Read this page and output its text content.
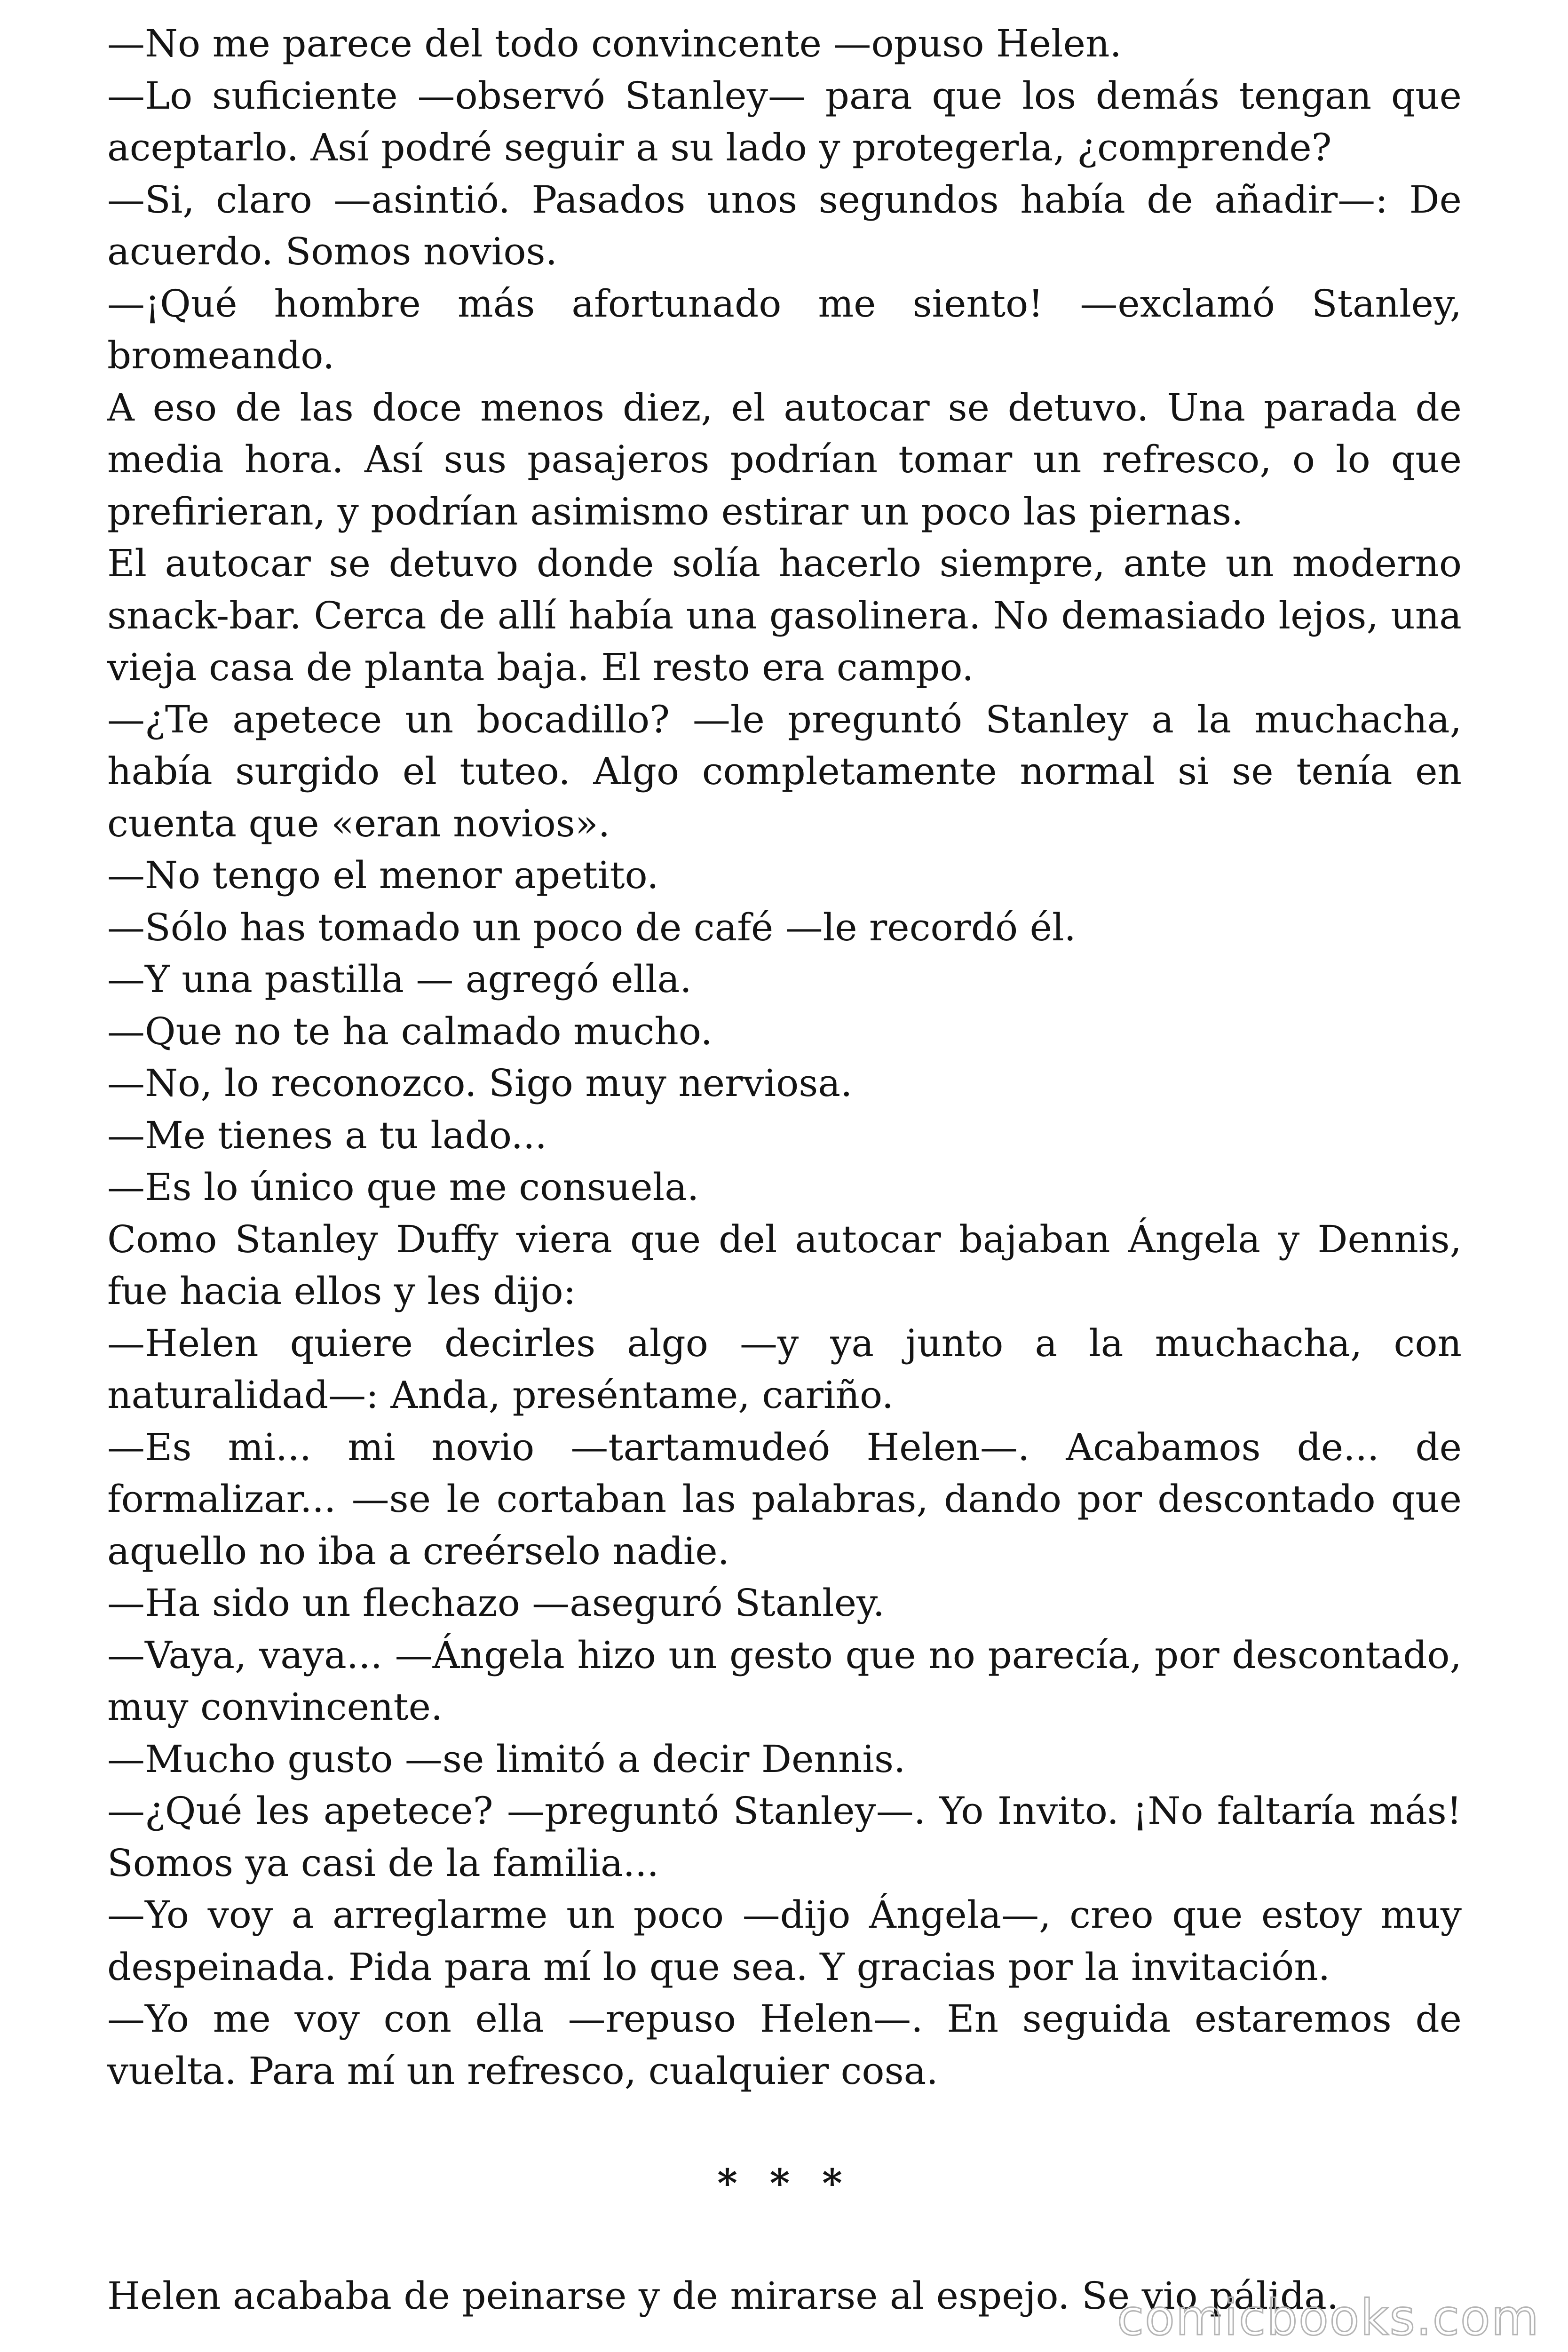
—No me parece del todo convincente —opuso Helen.

—Lo suficiente —observó Stanley— para que los demás tengan que aceptarlo. Así podré seguir a su lado y protegerla, ¿comprende?

—Si, claro —asintió. Pasados unos segundos había de añadir—: De acuerdo. Somos novios.

—¡Qué hombre más afortunado me siento! —exclamó Stanley, bromeando.

A eso de las doce menos diez, el autocar se detuvo. Una parada de media hora. Así sus pasajeros podrían tomar un refresco, o lo que prefirieran, y podrían asimismo estirar un poco las piernas.

El autocar se detuvo donde solía hacerlo siempre, ante un moderno snack-bar. Cerca de allí había una gasolinera. No demasiado lejos, una vieja casa de planta baja. El resto era campo.

—¿Te apetece un bocadillo? —le preguntó Stanley a la muchacha, había surgido el tuteo. Algo completamente normal si se tenía en cuenta que «eran novios».

—No tengo el menor apetito.

—Sólo has tomado un poco de café —le recordó él.

—Y una pastilla — agregó ella.

—Que no te ha calmado mucho.

—No, lo reconozco. Sigo muy nerviosa.

—Me tienes a tu lado...

—Es lo único que me consuela.

Como Stanley Duffy viera que del autocar bajaban Ángela y Dennis, fue hacia ellos y les dijo:

—Helen quiere decirles algo —y ya junto a la muchacha, con naturalidad—: Anda, preséntame, cariño.

—Es mi... mi novio —tartamudeó Helen—. Acabamos de... de formalizar... —se le cortaban las palabras, dando por descontado que aquello no iba a creérselo nadie.

—Ha sido un flechazo —aseguró Stanley.

—Vaya, vaya... —Ángela hizo un gesto que no parecía, por descontado, muy convincente.

—Mucho gusto —se limitó a decir Dennis.

—¿Qué les apetece? —preguntó Stanley—. Yo Invito. ¡No faltaría más! Somos ya casi de la familia...

—Yo voy a arreglarme un poco —dijo Ángela—, creo que estoy muy despeinada. Pida para mí lo que sea. Y gracias por la invitación.

—Yo me voy con ella —repuso Helen—. En seguida estaremos de vuelta. Para mí un refresco, cualquier cosa.

* * *

Helen acababa de peinarse y de mirarse al espejo. Se vio pálida.

comicbooks.com
